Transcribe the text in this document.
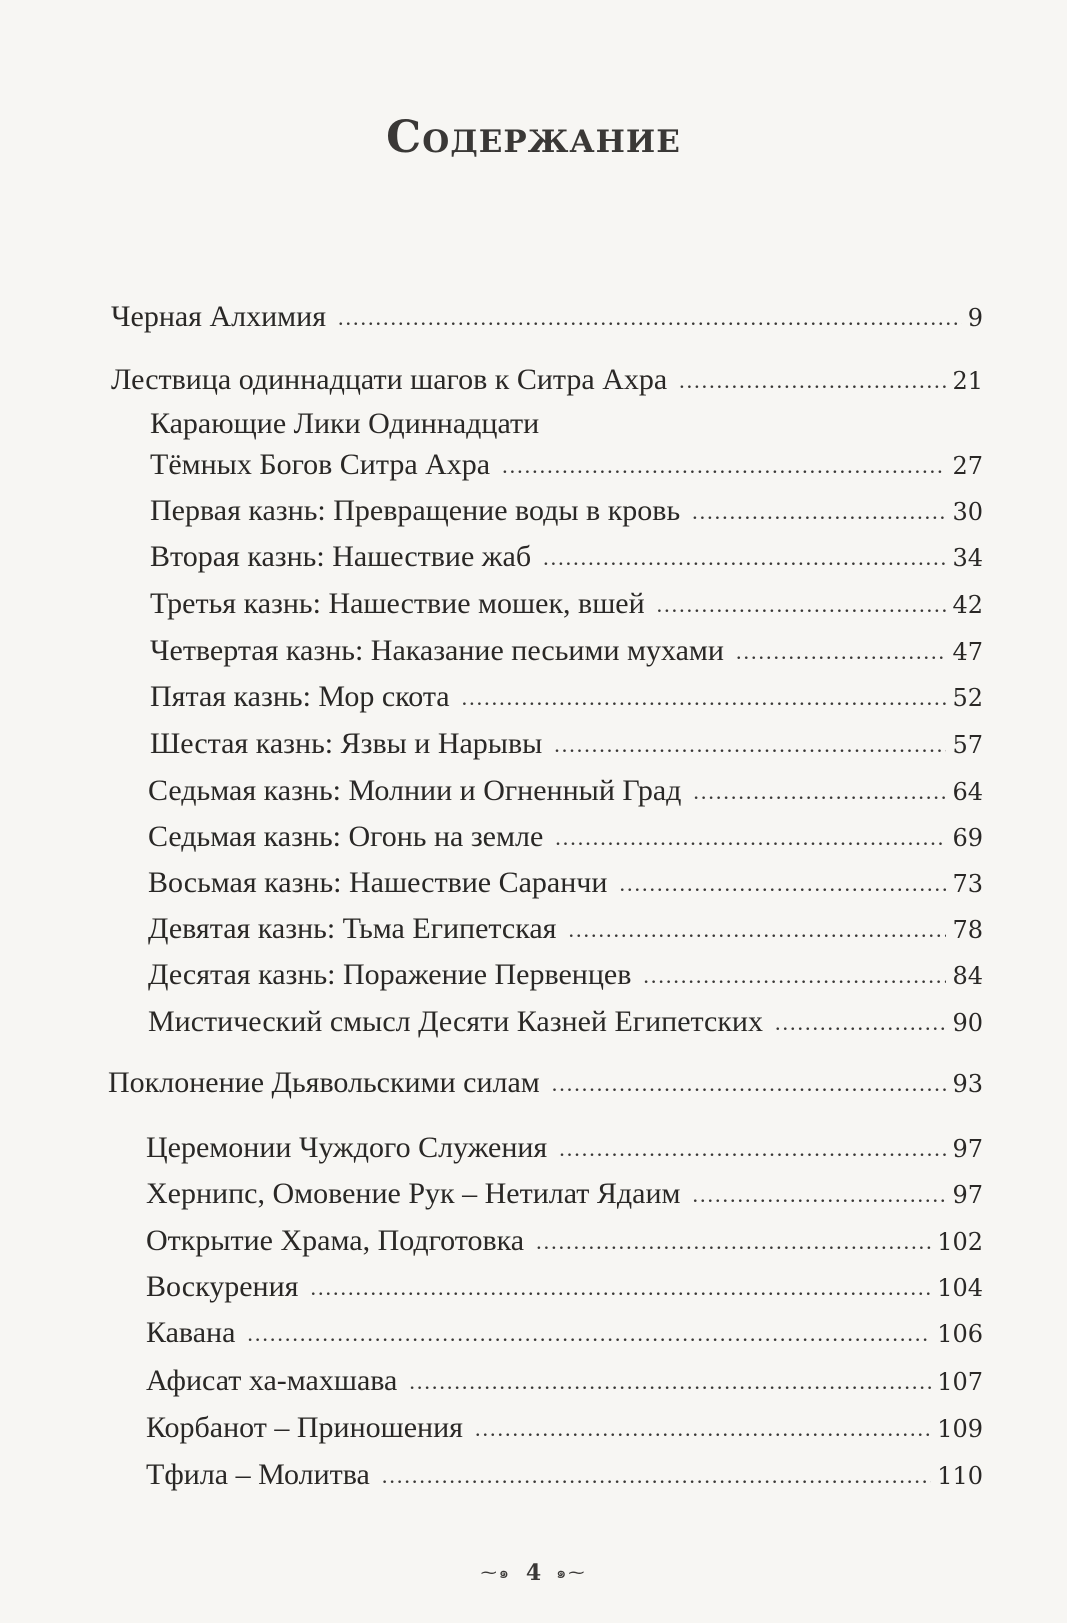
Содержание
Черная Алхимия .....	9
Лествица одиннадцати шагов к Ситра Ахра .....	21
Карающие Лики Одиннадцати
Тёмных Богов Ситра Ахра .....	27
Первая казнь: Превращение воды в кровь .....	30
Вторая казнь: Нашествие жаб .....	34
Третья казнь: Нашествие мошек, вшей .....	42
Четвертая казнь: Наказание песьими мухами .....	47
Пятая казнь: Мор скота .....	52
Шестая казнь: Язвы и Нарывы .....	57
Седьмая казнь: Молнии и Огненный Град .....	64
Седьмая казнь: Огонь на земле .....	69
Восьмая казнь: Нашествие Саранчи .....	73
Девятая казнь: Тьма Египетская .....	78
Десятая казнь: Поражение Первенцев .....	84
Мистический смысл Десяти Казней Египетских .....	90
Поклонение Дьявольскими силам .....	93
Церемонии Чуждого Служения .....	97
Хернипс, Омовение Рук – Нетилат Ядаим .....	97
Открытие Храма, Подготовка .....	102
Воскурения .....	104
Кавана .....	106
Афисат ха-махшава .....	107
Корбанот – Приношения .....	109
Тфила – Молитва .....	110
⁓๑ 4 ๑⁓
